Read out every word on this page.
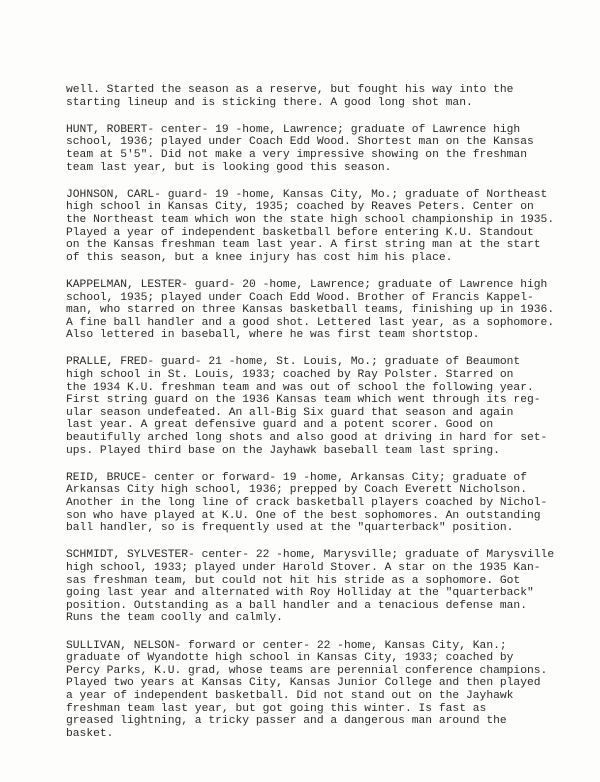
well. Started the season as a reserve, but fought his way into the
starting lineup and is sticking there. A good long shot man.

HUNT, ROBERT- center- 19 -home, Lawrence; graduate of Lawrence high
school, 1936; played under Coach Edd Wood. Shortest man on the Kansas
team at 5'5". Did not make a very impressive showing on the freshman
team last year, but is looking good this season.

JOHNSON, CARL- guard- 19 -home, Kansas City, Mo.; graduate of Northeast
high school in Kansas City, 1935; coached by Reaves Peters. Center on
the Northeast team which won the state high school championship in 1935.
Played a year of independent basketball before entering K.U. Standout
on the Kansas freshman team last year. A first string man at the start
of this season, but a knee injury has cost him his place.

KAPPELMAN, LESTER- guard- 20 -home, Lawrence; graduate of Lawrence high
school, 1935; played under Coach Edd Wood. Brother of Francis Kappel-
man, who starred on three Kansas basketball teams, finishing up in 1936.
A fine ball handler and a good shot. Lettered last year, as a sophomore.
Also lettered in baseball, where he was first team shortstop.

PRALLE, FRED- guard- 21 -home, St. Louis, Mo.; graduate of Beaumont
high school in St. Louis, 1933; coached by Ray Polster. Starred on
the 1934 K.U. freshman team and was out of school the following year.
First string guard on the 1936 Kansas team which went through its reg-
ular season undefeated. An all-Big Six guard that season and again
last year. A great defensive guard and a potent scorer. Good on
beautifully arched long shots and also good at driving in hard for set-
ups. Played third base on the Jayhawk baseball team last spring.

REID, BRUCE- center or forward- 19 -home, Arkansas City; graduate of
Arkansas City high school, 1936; prepped by Coach Everett Nicholson.
Another in the long line of crack basketball players coached by Nichol-
son who have played at K.U. One of the best sophomores. An outstanding
ball handler, so is frequently used at the "quarterback" position.

SCHMIDT, SYLVESTER- center- 22 -home, Marysville; graduate of Marysville
high school, 1933; played under Harold Stover. A star on the 1935 Kan-
sas freshman team, but could not hit his stride as a sophomore. Got
going last year and alternated with Roy Holliday at the "quarterback"
position. Outstanding as a ball handler and a tenacious defense man.
Runs the team coolly and calmly.

SULLIVAN, NELSON- forward or center- 22 -home, Kansas City, Kan.;
graduate of Wyandotte high school in Kansas City, 1933; coached by
Percy Parks, K.U. grad, whose teams are perennial conference champions.
Played two years at Kansas City, Kansas Junior College and then played
a year of independent basketball. Did not stand out on the Jayhawk
freshman team last year, but got going this winter. Is fast as
greased lightning, a tricky passer and a dangerous man around the
basket.
